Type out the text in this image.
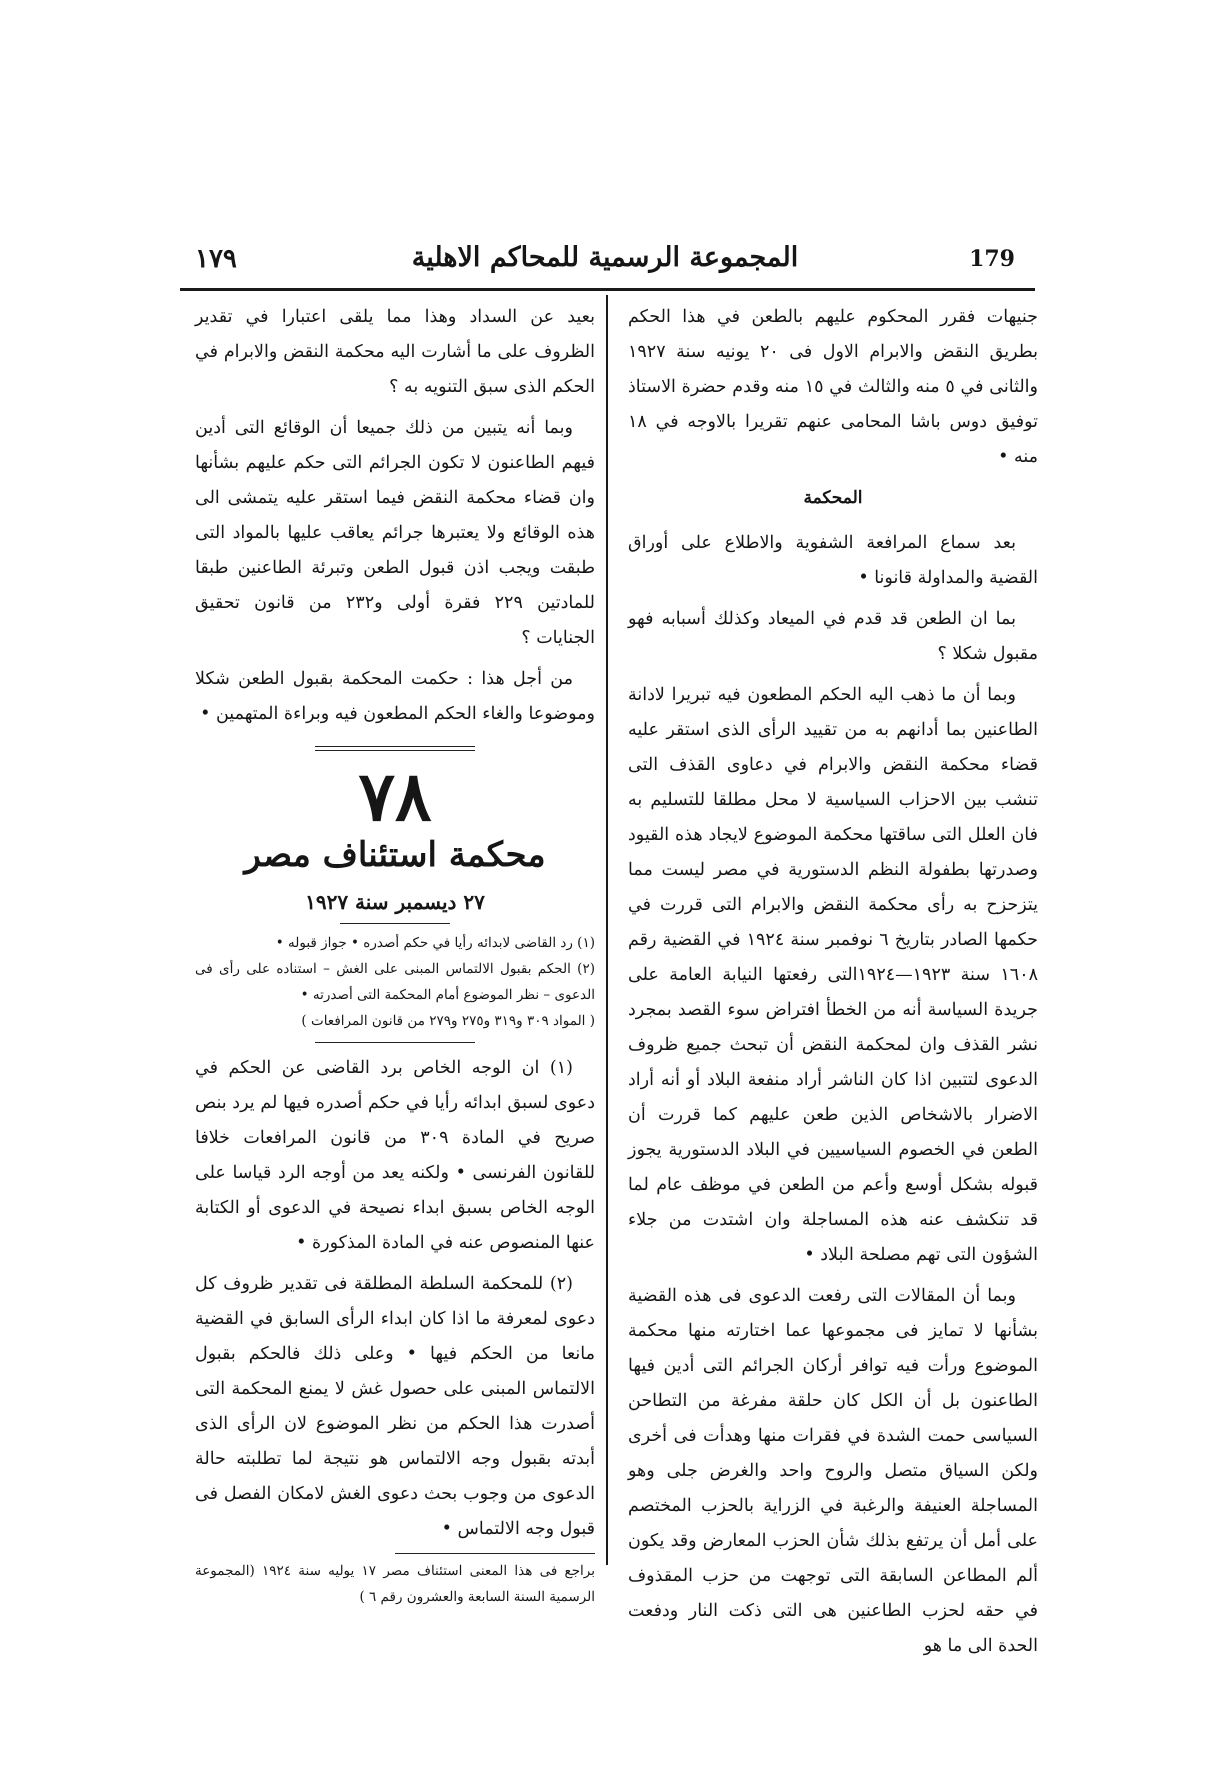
١٧٩	المجموعة الرسمية للمحاكم الاهلية	179

جنيهات فقرر المحكوم عليهم بالطعن في هذا الحكم بطريق النقض والابرام الاول فى ٢٠ يونيه سنة ١٩٢٧ والثانى في ٥ منه والثالث في ١٥ منه وقدم حضرة الاستاذ توفيق دوس باشا المحامى عنهم تقريرا بالاوجه في ١٨ منه •

المحكمة

بعد سماع المرافعة الشفوية والاطلاع على أوراق القضية والمداولة قانونا •

بما ان الطعن قد قدم في الميعاد وكذلك أسبابه فهو مقبول شكلا ؟

وبما أن ما ذهب اليه الحكم المطعون فيه تبريرا لادانة الطاعنين بما أدانهم به من تقييد الرأى الذى استقر عليه قضاء محكمة النقض والابرام في دعاوى القذف التى تنشب بين الاحزاب السياسية لا محل مطلقا للتسليم به فان العلل التى ساقتها محكمة الموضوع لايجاد هذه القيود وصدرتها بطفولة النظم الدستورية في مصر ليست مما يتزحزح به رأى محكمة النقض والابرام التى قررت في حكمها الصادر بتاريخ ٦ نوفمبر سنة ١٩٢٤ في القضية رقم ١٦٠٨ سنة ١٩٢٣—١٩٢٤التى رفعتها النيابة العامة على جريدة السياسة أنه من الخطأ افتراض سوء القصد بمجرد نشر القذف وان لمحكمة النقض أن تبحث جميع ظروف الدعوى لتتبين اذا كان الناشر أراد منفعة البلاد أو أنه أراد الاضرار بالاشخاص الذين طعن عليهم كما قررت أن الطعن في الخصوم السياسيين في البلاد الدستورية يجوز قبوله بشكل أوسع وأعم من الطعن في موظف عام لما قد تنكشف عنه هذه المساجلة وان اشتدت من جلاء الشؤون التى تهم مصلحة البلاد •

وبما أن المقالات التى رفعت الدعوى فى هذه القضية بشأنها لا تمايز فى مجموعها عما اختارته منها محكمة الموضوع ورأت فيه توافر أركان الجرائم التى أدين فيها الطاعنون بل أن الكل كان حلقة مفرغة من التطاحن السياسى حمت الشدة في فقرات منها وهدأت فى أخرى ولكن السياق متصل والروح واحد والغرض جلى وهو المساجلة العنيفة والرغبة في الزراية بالحزب المختصم على أمل أن يرتفع بذلك شأن الحزب المعارض وقد يكون ألم المطاعن السابقة التى توجهت من حزب المقذوف في حقه لحزب الطاعنين هى التى ذكت النار ودفعت الحدة الى ما هو

بعيد عن السداد وهذا مما يلقى اعتبارا في تقدير الظروف على ما أشارت اليه محكمة النقض والابرام في الحكم الذى سبق التنويه به ؟

وبما أنه يتبين من ذلك جميعا أن الوقائع التى أدين فيهم الطاعنون لا تكون الجرائم التى حكم عليهم بشأنها وان قضاء محكمة النقض فيما استقر عليه يتمشى الى هذه الوقائع ولا يعتبرها جرائم يعاقب عليها بالمواد التى طبقت ويجب اذن قبول الطعن وتبرئة الطاعنين طبقا للمادتين ٢٢٩ فقرة أولى و٢٣٢ من قانون تحقيق الجنايات ؟

من أجل هذا : حكمت المحكمة بقبول الطعن شكلا وموضوعا والغاء الحكم المطعون فيه وبراءة المتهمين •

٧٨
محكمة استئناف مصر
٢٧ ديسمبر سنة ١٩٢٧
(١) رد القاضى لابدائه رأيا في حكم أصدره • جواز قبوله •
(٢) الحكم بقبول الالتماس المبنى على الغش – استناده على رأى فى الدعوى – نظر الموضوع أمام المحكمة التى أصدرته •
( المواد ٣٠٩ و٣١٩ و٢٧٥ و٢٧٩ من قانون المرافعات )

(١) ان الوجه الخاص برد القاضى عن الحكم في دعوى لسبق ابدائه رأيا في حكم أصدره فيها لم يرد بنص صريح في المادة ٣٠٩ من قانون المرافعات خلافا للقانون الفرنسى • ولكنه يعد من أوجه الرد قياسا على الوجه الخاص بسبق ابداء نصيحة في الدعوى أو الكتابة عنها المنصوص عنه في المادة المذكورة •

(٢) للمحكمة السلطة المطلقة فى تقدير ظروف كل دعوى لمعرفة ما اذا كان ابداء الرأى السابق في القضية مانعا من الحكم فيها • وعلى ذلك فالحكم بقبول الالتماس المبنى على حصول غش لا يمنع المحكمة التى أصدرت هذا الحكم من نظر الموضوع لان الرأى الذى أبدته بقبول وجه الالتماس هو نتيجة لما تطلبته حالة الدعوى من وجوب بحث دعوى الغش لامكان الفصل فى قبول وجه الالتماس •

براجع فى هذا المعنى استئناف مصر ١٧ يوليه سنة ١٩٢٤ (المجموعة الرسمية السنة السابعة والعشرون رقم ٦ )
